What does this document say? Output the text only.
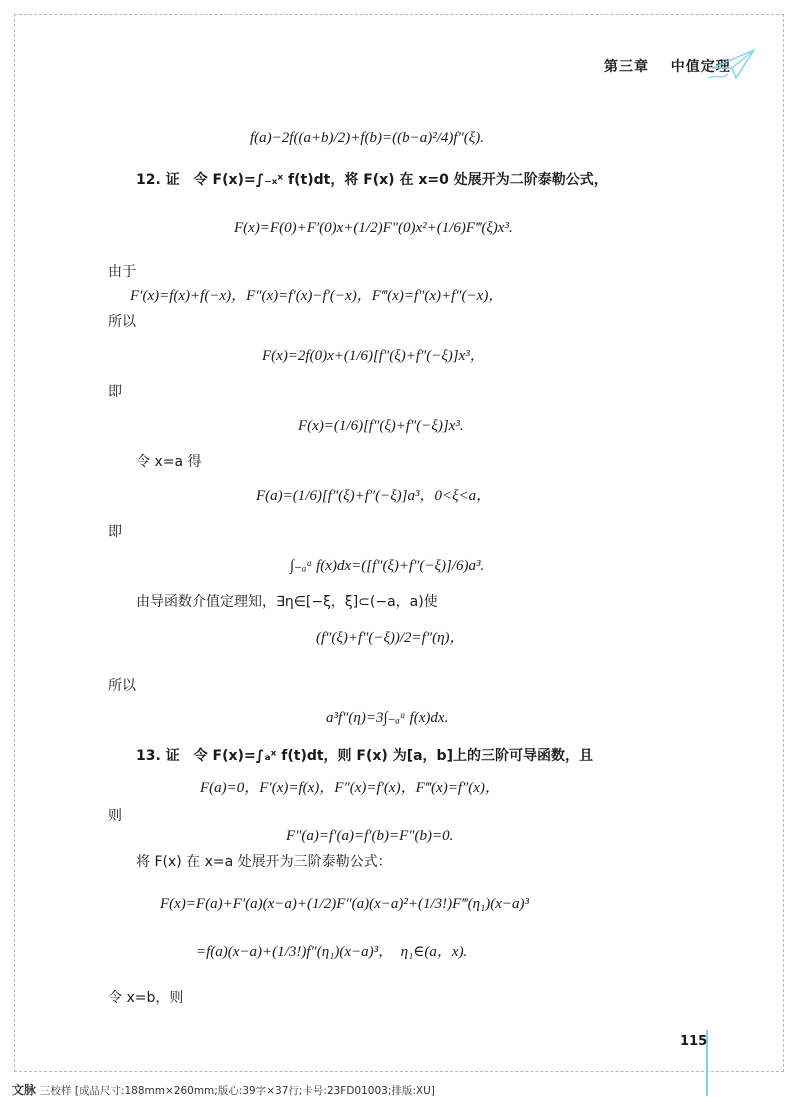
第三章 中值定理
f(a)−2f((a+b)/2)+f(b)=((b−a)²/4)f″(ξ).
12. 证　令 F(x)=∫₋ₓˣ f(t)dt，将 F(x) 在 x=0 处展开为二阶泰勒公式，
F(x)=F(0)+F′(0)x+(1/2)F″(0)x²+(1/6)F‴(ξ)x³.
由于
F′(x)=f(x)+f(−x)，F″(x)=f′(x)−f′(−x)，F‴(x)=f″(x)+f″(−x)，
所以
F(x)=2f(0)x+(1/6)[f″(ξ)+f″(−ξ)]x³，
即
F(x)=(1/6)[f″(ξ)+f″(−ξ)]x³.
令 x=a 得
F(a)=(1/6)[f″(ξ)+f″(−ξ)]a³，0<ξ<a，
即
∫₋ₐᵃ f(x)dx=([f″(ξ)+f″(−ξ)]/6)a³.
由导函数介值定理知，∃η∈[−ξ，ξ]⊂(−a，a)使
(f″(ξ)+f″(−ξ))/2=f″(η)，
所以
a³f″(η)=3∫₋ₐᵃ f(x)dx.
13. 证　令 F(x)=∫ₐˣ f(t)dt，则 F(x) 为[a，b]上的三阶可导函数，且
F(a)=0，F′(x)=f(x)，F″(x)=f′(x)，F‴(x)=f″(x)，
则
F″(a)=f′(a)=f′(b)=F″(b)=0.
将 F(x) 在 x=a 处展开为三阶泰勒公式：
F(x)=F(a)+F′(a)(x−a)+(1/2)F″(a)(x−a)²+(1/3!)F‴(η₁)(x−a)³
=f(a)(x−a)+(1/3!)f″(η₁)(x−a)³，　η₁∈(a，x).
令 x=b，则
115
文脉 三校样 [成品尺寸:188mm×260mm;版心:39字×37行;卡号:23FD01003;排版:XU]
